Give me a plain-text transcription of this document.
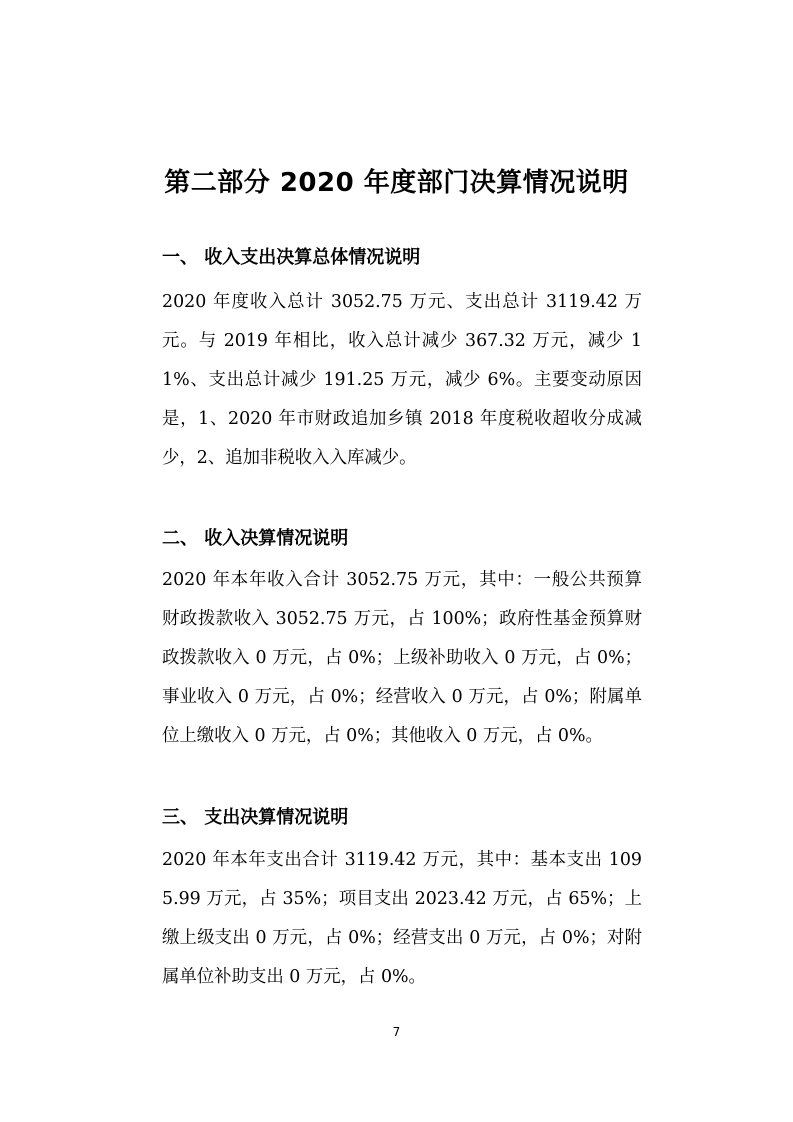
第二部分 2020 年度部门决算情况说明
一、 收入支出决算总体情况说明

2020 年度收入总计 3052.75 万元、支出总计 3119.42 万元。与 2019 年相比，收入总计减少 367.32 万元，减少 11%、支出总计减少 191.25 万元，减少 6%。主要变动原因是，1、2020 年市财政追加乡镇 2018 年度税收超收分成减少，2、追加非税收入入库减少。

二、 收入决算情况说明

2020 年本年收入合计 3052.75 万元，其中：一般公共预算财政拨款收入 3052.75 万元，占 100%；政府性基金预算财政拨款收入 0 万元，占 0%；上级补助收入 0 万元，占 0%；事业收入 0 万元，占 0%；经营收入 0 万元，占 0%；附属单位上缴收入 0 万元，占 0%；其他收入 0 万元，占 0%。

三、 支出决算情况说明

2020 年本年支出合计 3119.42 万元，其中：基本支出 1095.99 万元，占 35%；项目支出 2023.42 万元，占 65%；上缴上级支出 0 万元，占 0%；经营支出 0 万元，占 0%；对附属单位补助支出 0 万元，占 0%。

7
